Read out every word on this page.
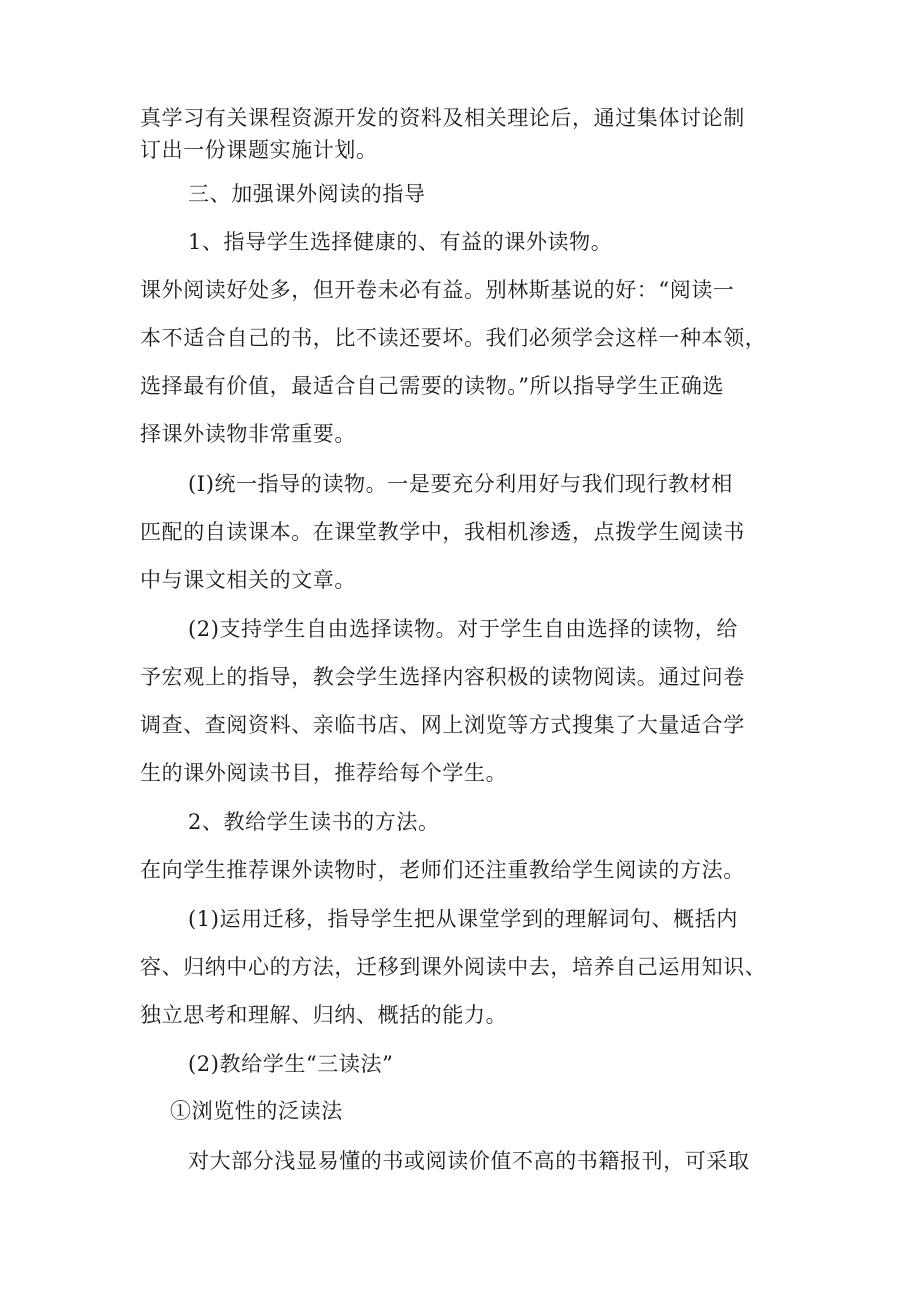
真学习有关课程资源开发的资料及相关理论后，通过集体讨论制
订出一份课题实施计划。
三、加强课外阅读的指导
1、指导学生选择健康的、有益的课外读物。
课外阅读好处多，但开卷未必有益。别林斯基说的好：“阅读一
本不适合自己的书，比不读还要坏。我们必须学会这样一种本领，
选择最有价值，最适合自己需要的读物。”所以指导学生正确选
择课外读物非常重要。
(I)统一指导的读物。一是要充分利用好与我们现行教材相
匹配的自读课本。在课堂教学中，我相机渗透，点拨学生阅读书
中与课文相关的文章。
(2)支持学生自由选择读物。对于学生自由选择的读物，给
予宏观上的指导，教会学生选择内容积极的读物阅读。通过问卷
调查、查阅资料、亲临书店、网上浏览等方式搜集了大量适合学
生的课外阅读书目，推荐给每个学生。
2、教给学生读书的方法。
在向学生推荐课外读物时，老师们还注重教给学生阅读的方法。
(1)运用迁移，指导学生把从课堂学到的理解词句、概括内
容、归纳中心的方法，迁移到课外阅读中去，培养自己运用知识、
独立思考和理解、归纳、概括的能力。
(2)教给学生“三读法”
①浏览性的泛读法
对大部分浅显易懂的书或阅读价值不高的书籍报刊，可采取
